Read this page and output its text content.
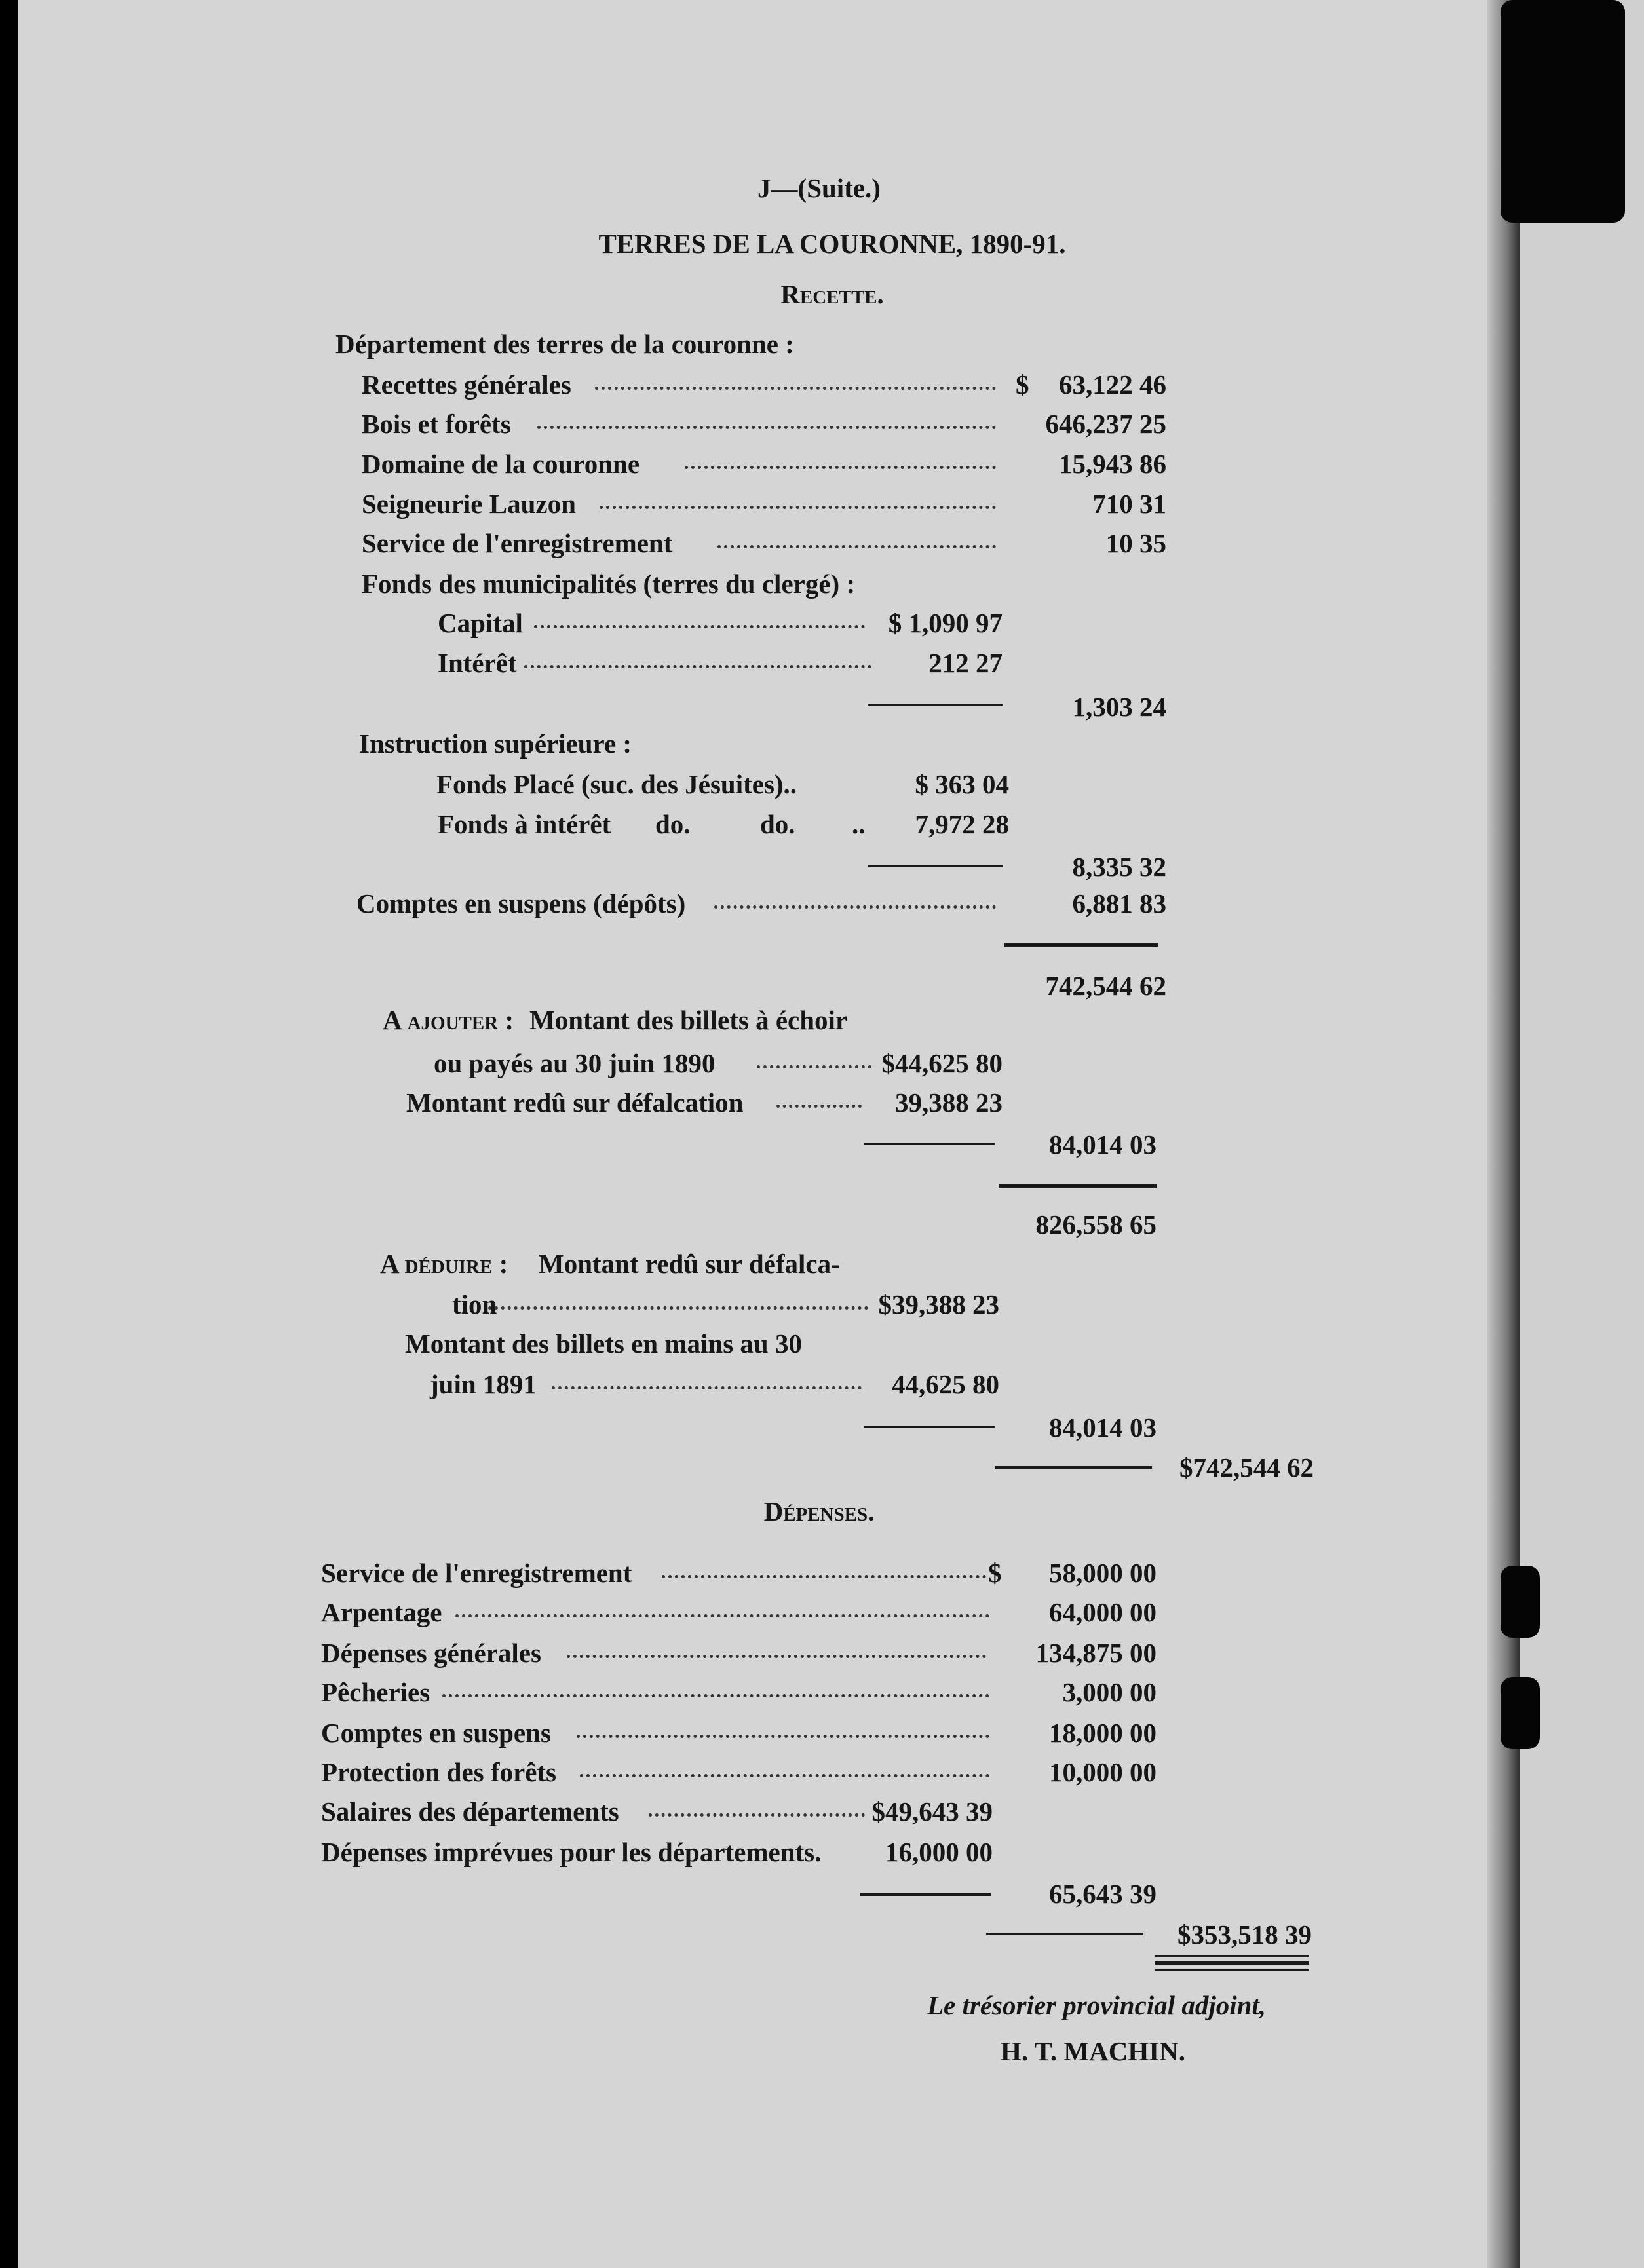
J—(Suite.)
TERRES DE LA COURONNE, 1890-91.
Recette.
Département des terres de la couronne :
Recettes générales	$	63,122 46
Bois et forêts	646,237 25
Domaine de la couronne	15,943 86
Seigneurie Lauzon	710 31
Service de l'enregistrement	10 35
Fonds des municipalités (terres du clergé) :
Capital	$ 1,090 97
Intérêt	212 27
1,303 24
Instruction supérieure :
Fonds Placé (suc. des Jésuites)..	$ 363 04
Fonds à intérêt do.	do. ..	7,972 28
8,335 32
Comptes en suspens (dépôts)	6,881 83
742,544 62
A ajouter : Montant des billets à échoir
ou payés au 30 juin 1890	$44,625 80
Montant redû sur défalcation	39,388 23
84,014 03
826,558 65
A déduire : Montant redû sur défalca-
tion	$39,388 23
Montant des billets en mains au 30
juin 1891	44,625 80
84,014 03
$742,544 62
Dépenses.
Service de l'enregistrement	$	58,000 00
Arpentage	64,000 00
Dépenses générales	134,875 00
Pêcheries	3,000 00
Comptes en suspens	18,000 00
Protection des forêts	10,000 00
Salaires des départements	$49,643 39
Dépenses imprévues pour les départements.	16,000 00
65,643 39
$353,518 39
Le trésorier provincial adjoint,
H. T. MACHIN.
